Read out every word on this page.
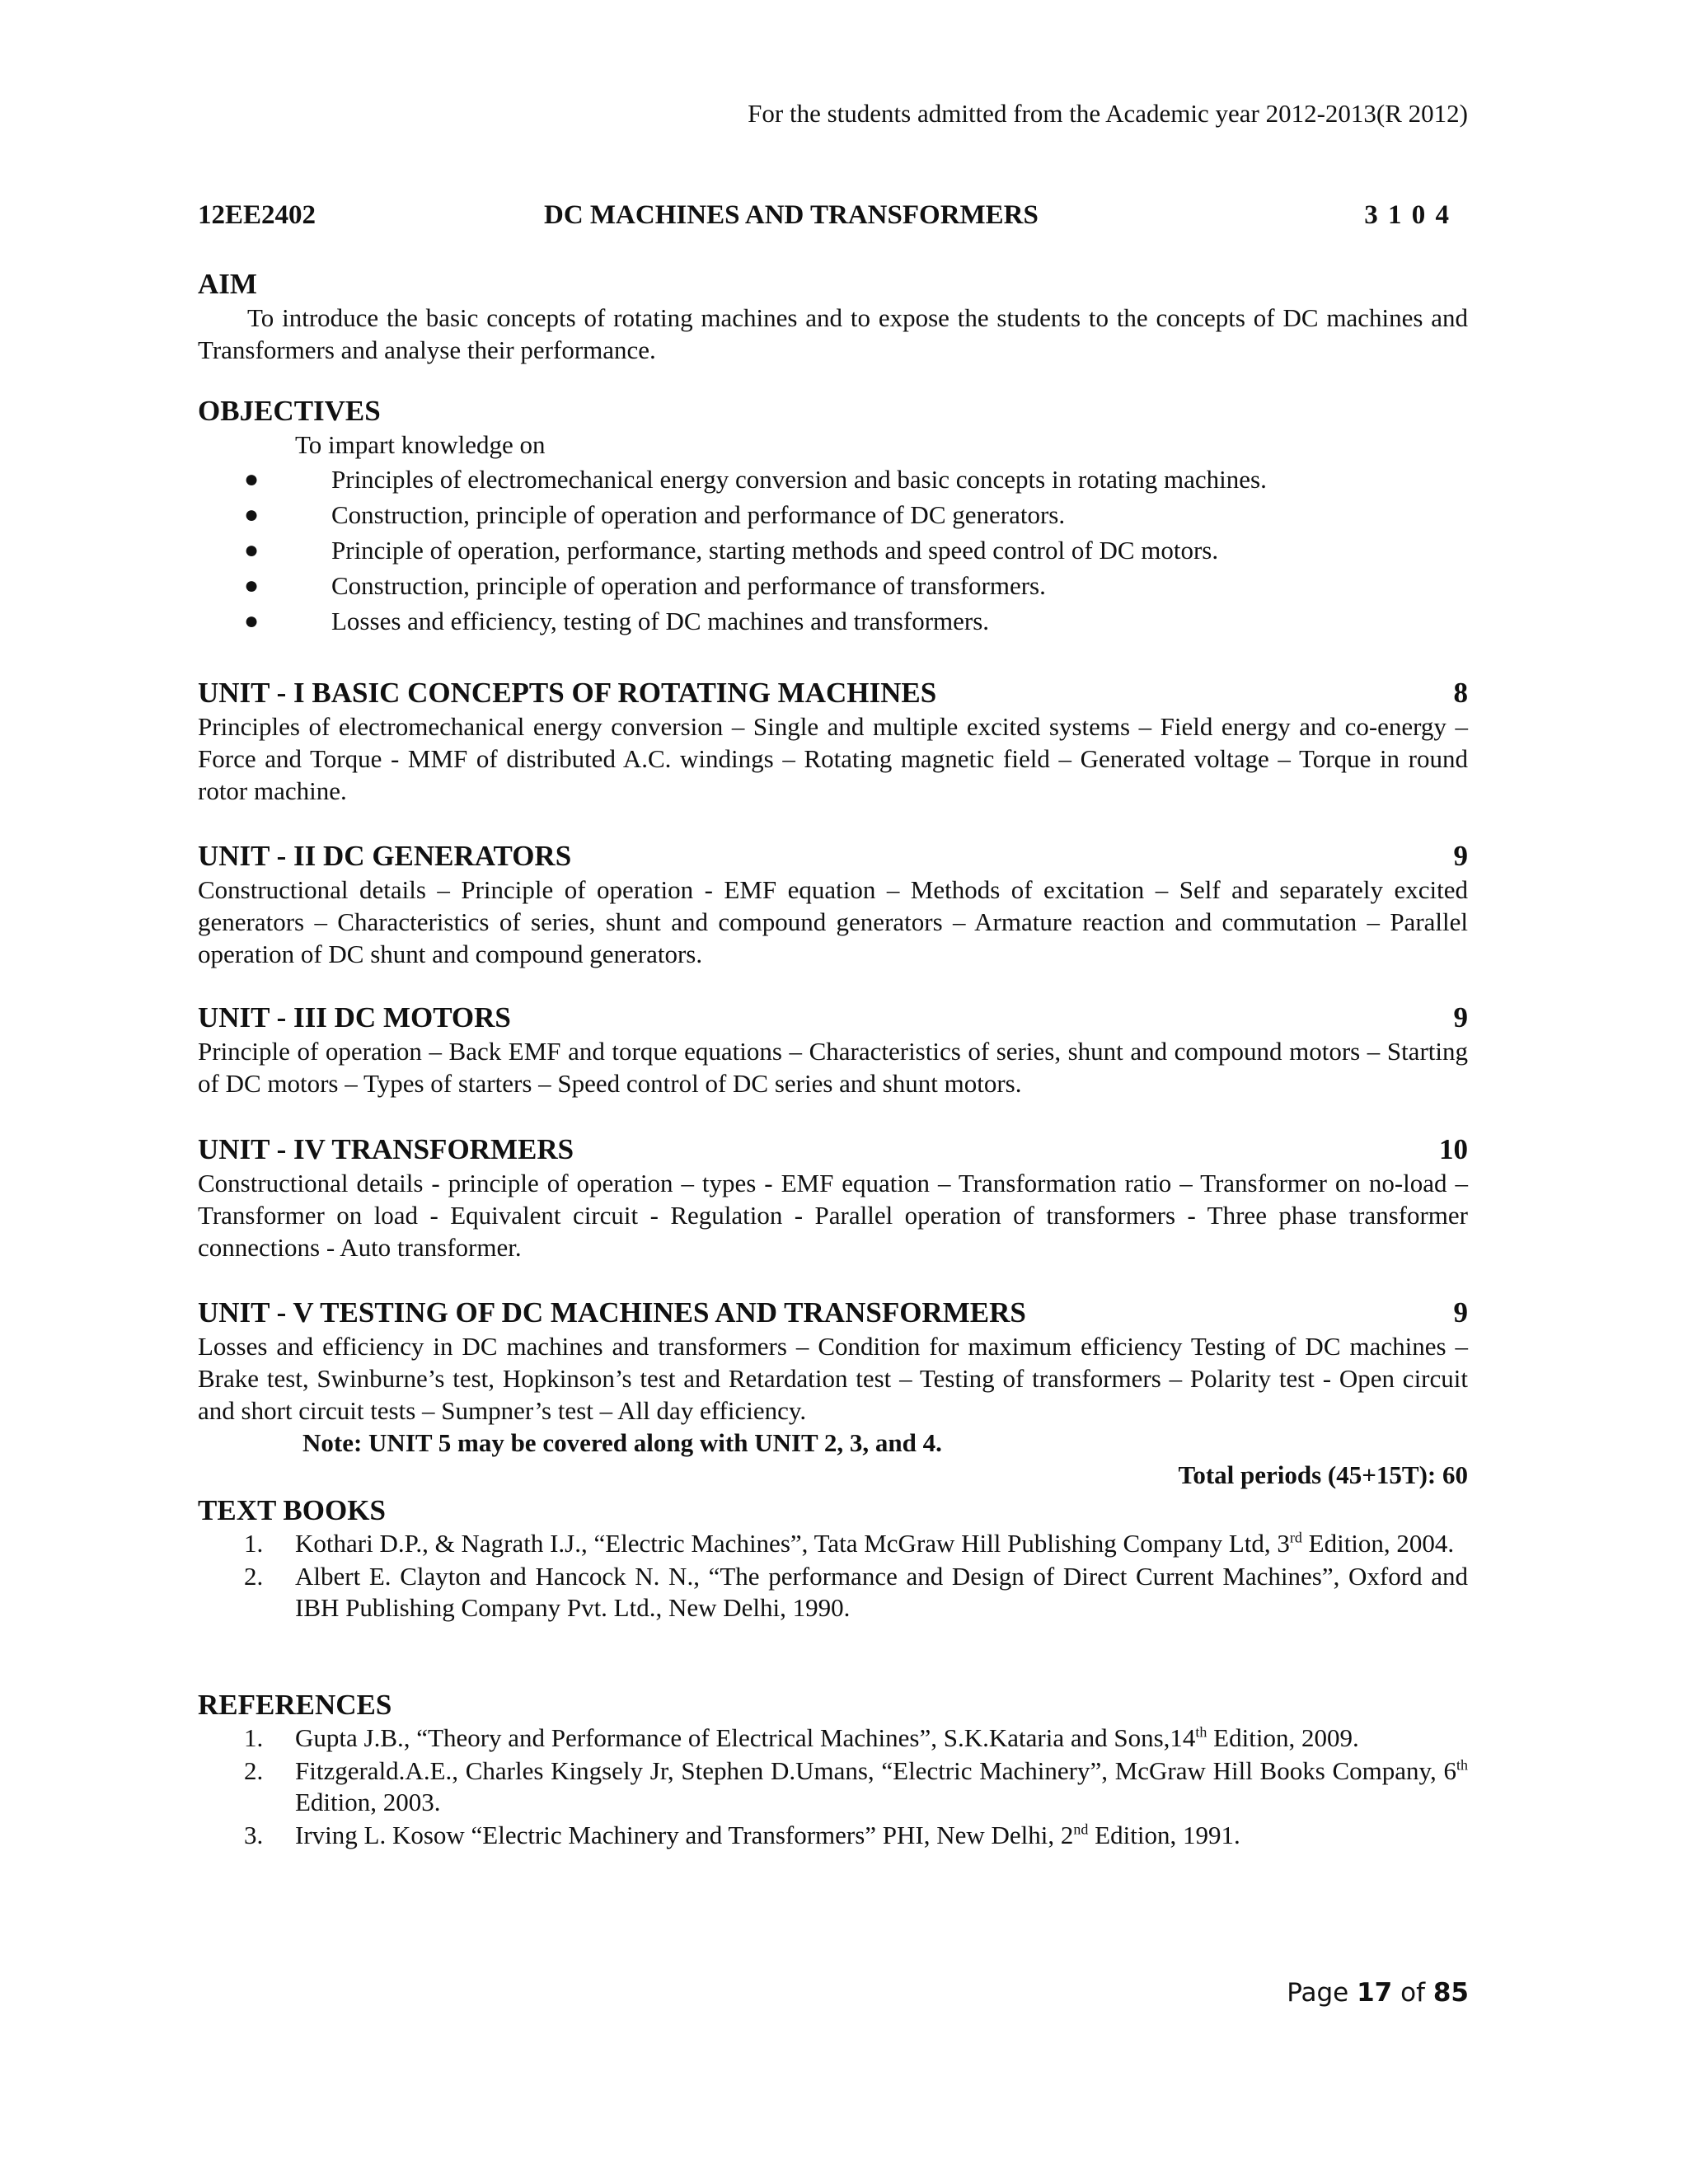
For the students admitted from the Academic year 2012-2013(R 2012)
12EE2402	DC MACHINES AND TRANSFORMERS	3 1 0 4
AIM
To introduce the basic concepts of rotating machines and to expose the students to the concepts of DC machines and Transformers and analyse their performance.
OBJECTIVES
To impart knowledge on
●	Principles of electromechanical energy conversion and basic concepts in rotating machines.
●	Construction, principle of operation and performance of DC generators.
●	Principle of operation, performance, starting methods and speed control of DC motors.
●	Construction, principle of operation and performance of transformers.
●	Losses and efficiency, testing of DC machines and transformers.
UNIT - I BASIC CONCEPTS OF ROTATING MACHINES	8
Principles of electromechanical energy conversion – Single and multiple excited systems – Field energy and co-energy – Force and Torque - MMF of distributed A.C. windings – Rotating magnetic field – Generated voltage – Torque in round rotor machine.
UNIT - II DC GENERATORS	9
Constructional details – Principle of operation - EMF equation – Methods of excitation – Self and separately excited generators – Characteristics of series, shunt and compound generators – Armature reaction and commutation – Parallel operation of DC shunt and compound generators.
UNIT - III DC MOTORS	9
Principle of operation – Back EMF and torque equations – Characteristics of series, shunt and compound motors – Starting of DC motors – Types of starters – Speed control of DC series and shunt motors.
UNIT - IV TRANSFORMERS	10
Constructional details - principle of operation – types - EMF equation – Transformation ratio – Transformer on no-load – Transformer on load - Equivalent circuit - Regulation - Parallel operation of transformers - Three phase transformer connections - Auto transformer.
UNIT - V TESTING OF DC MACHINES AND TRANSFORMERS	9
Losses and efficiency in DC machines and transformers – Condition for maximum efficiency Testing of DC machines – Brake test, Swinburne’s test, Hopkinson’s test and Retardation test – Testing of transformers – Polarity test - Open circuit and short circuit tests – Sumpner’s test – All day efficiency.
Note: UNIT 5 may be covered along with UNIT 2, 3, and 4.
Total periods (45+15T): 60
TEXT BOOKS
1. Kothari D.P., & Nagrath I.J., “Electric Machines”, Tata McGraw Hill Publishing Company Ltd, 3rd Edition, 2004.
2. Albert E. Clayton and Hancock N. N., “The performance and Design of Direct Current Machines”, Oxford and IBH Publishing Company Pvt. Ltd., New Delhi, 1990.
REFERENCES
1. Gupta J.B., “Theory and Performance of Electrical Machines”, S.K.Kataria and Sons,14th Edition, 2009.
2. Fitzgerald.A.E., Charles Kingsely Jr, Stephen D.Umans, “Electric Machinery”, McGraw Hill Books Company, 6th Edition, 2003.
3. Irving L. Kosow “Electric Machinery and Transformers” PHI, New Delhi, 2nd Edition, 1991.
Page 17 of 85
